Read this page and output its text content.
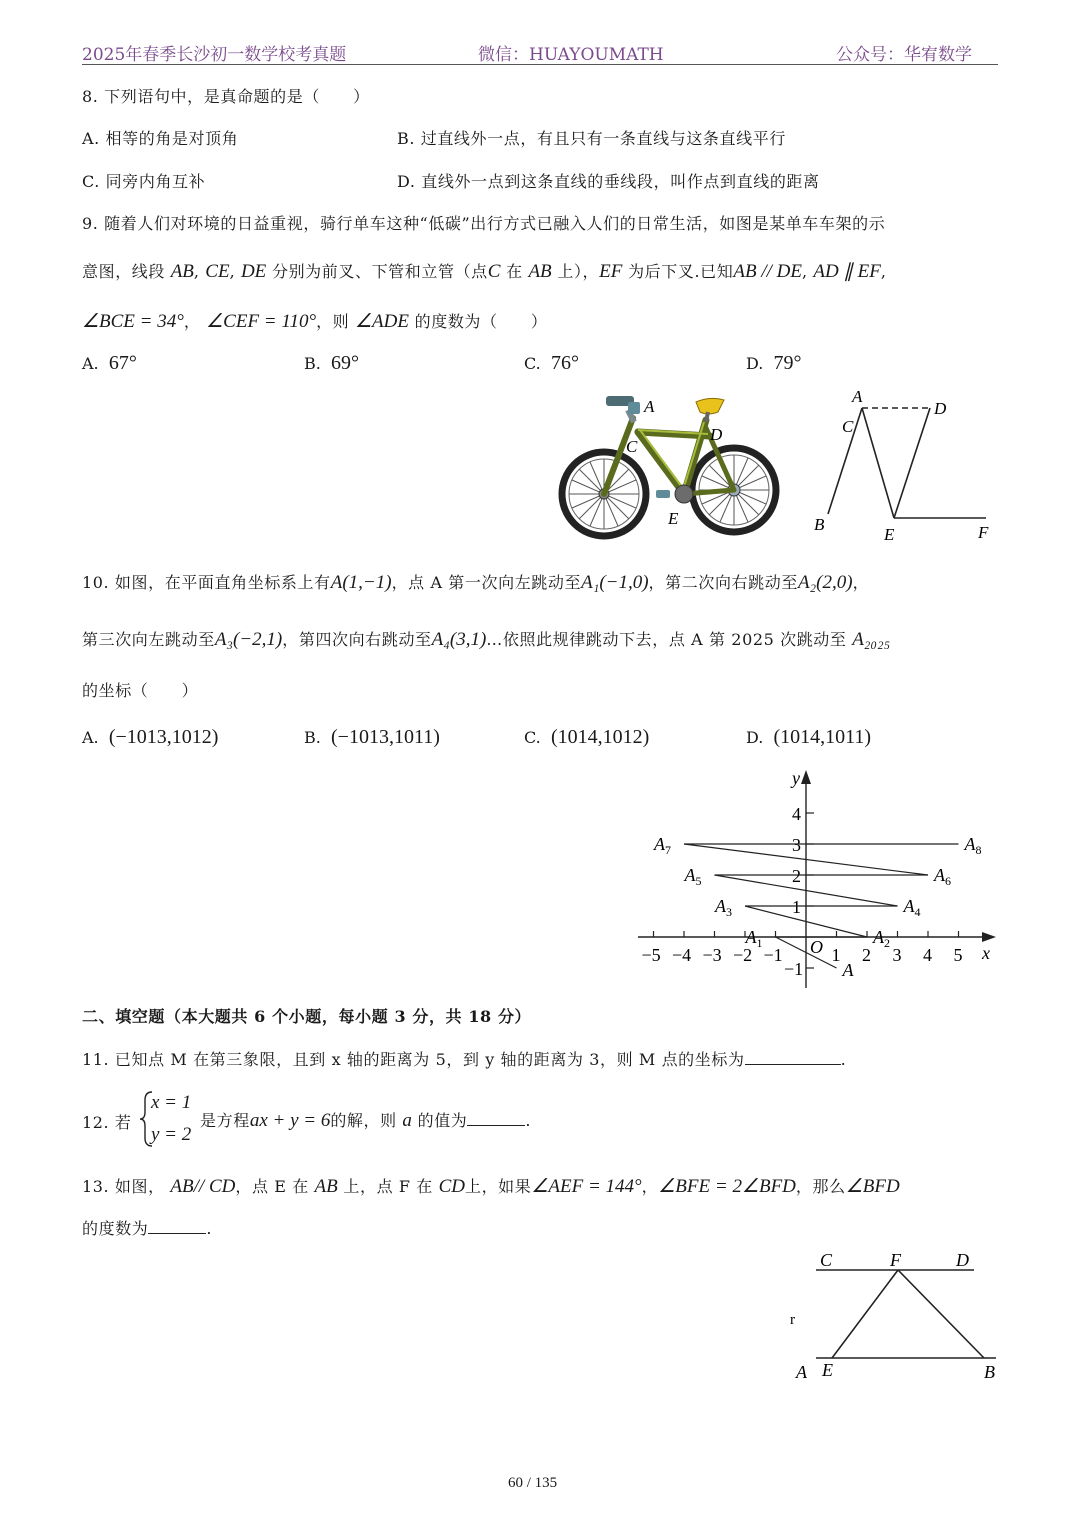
2025年春季长沙初一数学校考真题	微信：HUAYOUMATH	公众号：华宥数学
8. 下列语句中，是真命题的是（　　）
A. 相等的角是对顶角	B. 过直线外一点，有且只有一条直线与这条直线平行
C. 同旁内角互补	D. 直线外一点到这条直线的垂线段，叫作点到直线的距离
9. 随着人们对环境的日益重视，骑行单车这种“低碳”出行方式已融入人们的日常生活，如图是某单车车架的示
意图，线段 AB, CE, DE 分别为前叉、下管和立管（点C 在 AB 上），EF 为后下叉.已知AB // DE, AD ∥ EF,
∠BCE = 34°， ∠CEF = 110°，则 ∠ADE 的度数为（　　）
A. 67°	B. 69°	C. 76°	D. 79°
A
C
D
E
A
C
D
B
E	F
10. 如图，在平面直角坐标系上有A(1,−1)，点 A 第一次向左跳动至A₁(−1,0)，第二次向右跳动至A₂(2,0)，
第三次向左跳动至A₃(−2,1)，第四次向右跳动至A₄(3,1)…依照此规律跳动下去，点 A 第 2025 次跳动至 A₂₀₂₅
的坐标（　　）
A. (−1013,1012)	B. (−1013,1011)	C. (1014,1012)	D. (1014,1011)
x
y
O
−5 −4 −3 −2 −1	1 2 3 4 5
−1
1
2
3
4
A
$A_1$	$A_2$
$A_3$	$A_4$
$A_5$	$A_6$
$A_7$	$A_8$
二、填空题（本大题共 6 个小题，每小题 3 分，共 18 分）
11. 已知点 M 在第三象限，且到 x 轴的距离为 5，到 y 轴的距离为 3，则 M 点的坐标为	.
12. 若
x = 1
y = 2
是方程ax + y = 6的解，则 a 的值为	.
13. 如图， AB// CD，点 E 在 AB 上，点 F 在 CD上，如果∠AEF = 144°，∠BFE = 2∠BFD，那么∠BFD
的度数为	.
C	F	D
r
A E	B
60 / 135
